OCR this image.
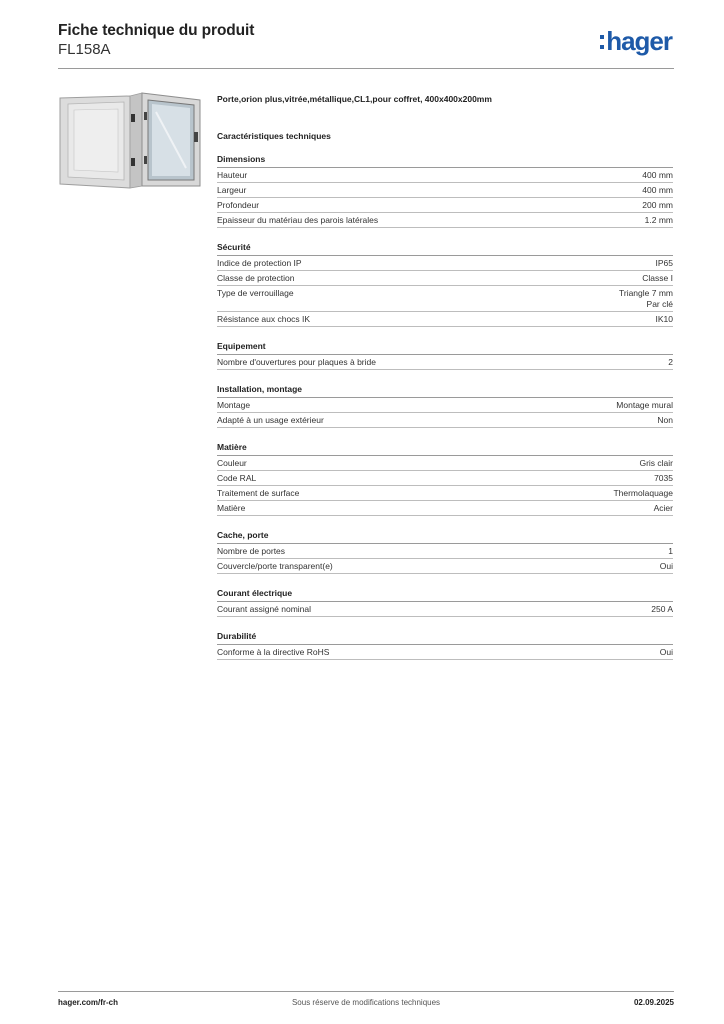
Fiche technique du produit
FL158A	hager
Porte,orion plus,vitrée,métallique,CL1,pour coffret, 400x400x200mm
Caractéristiques techniques
Dimensions
Hauteur	400 mm
Largeur	400 mm
Profondeur	200 mm
Epaisseur du matériau des parois latérales	1.2 mm
Sécurité
Indice de protection IP	IP65
Classe de protection	Classe I
Type de verrouillage	Triangle 7 mm
Par clé
Résistance aux chocs IK	IK10
Equipement
Nombre d'ouvertures pour plaques à bride	2
Installation, montage
Montage	Montage mural
Adapté à un usage extérieur	Non
Matière
Couleur	Gris clair
Code RAL	7035
Traitement de surface	Thermolaquage
Matière	Acier
Cache, porte
Nombre de portes	1
Couvercle/porte transparent(e)	Oui
Courant électrique
Courant assigné nominal	250 A
Durabilité
Conforme à la directive RoHS	Oui
hager.com/fr-ch	Sous réserve de modifications techniques	02.09.2025
